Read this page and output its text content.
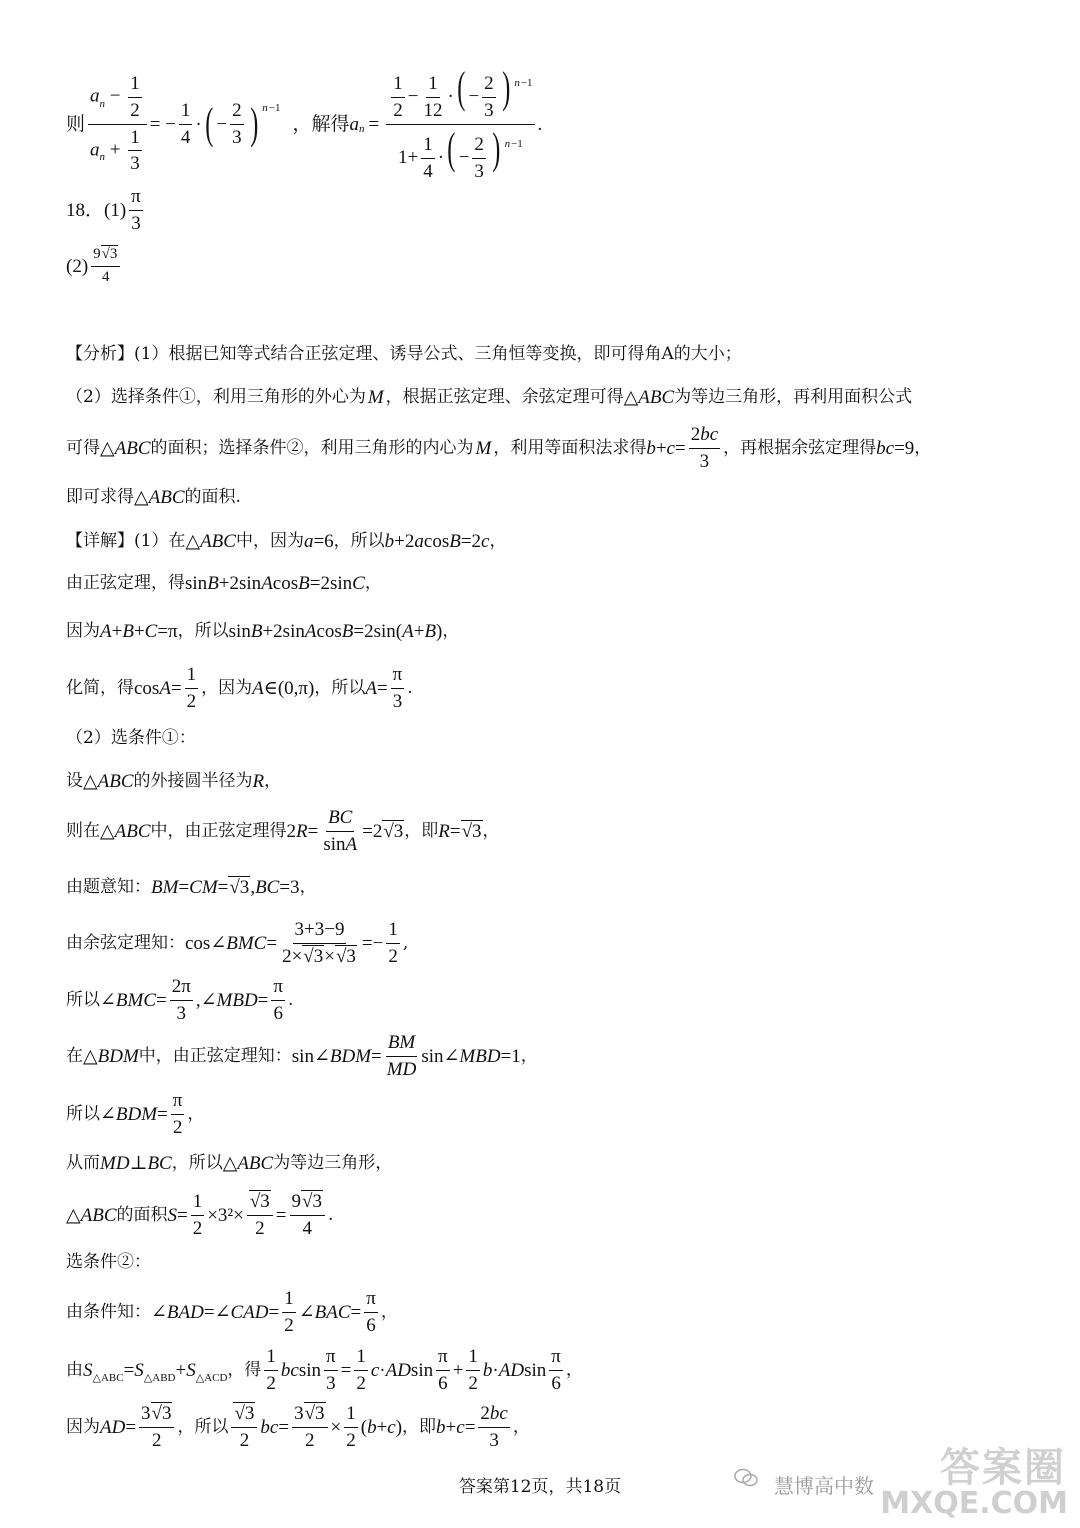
则 $\frac{a_n - \frac{1}{2}}{a_n + \frac{1}{3}}$ = − $\frac{1}{4}$ · ( − $\frac{2}{3}$ ) n −1
，解得 a $n = \frac{\frac{1}{2} - \frac{1}{12} \cdot( - \frac{2}{3} ) ^{n-1}}{1+ \frac{1}{4} \cdot( - \frac{2}{3} ) ^{n-1}}$ .
18．$(1) \frac{\pi}{3}$
$(2) \frac{9√3}{4}$
【分析】(1）根据已知等式结合正弦定理、诱导公式、三角恒等变换，即可得角A的大小；
（2）选择条件①，利用三角形的外心为 M ，根据正弦定理、余弦定理可得 △ABC 为等边三角形，再利用面积公式
可得 △ABC 的面积；选择条件②，利用三角形的内心为 M ，利用等面积法求得 $b+c= \frac{2bc}{3}$ ，再根据余弦定理得 bc=9 ，
即可求得 △ABC 的面积.
【详解】(1）在 △ABC 中，因为 a=6 ，所以 b+2acosB=2c ，
由正弦定理，得 sinB+2sinAcosB=2sinC ，
因为 A+B+C=π ，所以 sinB+2sinAcosB=2sin(A+B) ，
化简，得 $\cos A= \frac{1}{2}$ ，因为 A∈(0,π) ，所以 $A= \frac{\pi}{3}$ .
（2）选条件①：
设 △ABC 的外接圆半径为 R ，
则在 △ABC 中，由正弦定理得 $2R= \frac{BC}{\sin A} =2√3$ ，即 R=√3 ，
由题意知： BM=CM=√3,BC=3 ，
由余弦定理知： cos∠BMC= $\frac{3+3-9}{2\times√3\times√3} =- \frac{1}{2}$ ,
所以 ∠BMC= $\frac{2\pi}{3}$ ,∠MBD= $\frac{\pi}{6}$ .
在 △BDM 中，由正弦定理知： sin∠BDM= $\frac{BM}{MD}$ sin∠MBD=1 ，
所以 ∠BDM= $\frac{\pi}{2}$ ，
从而 MD⊥BC ，所以 △ABC 为等边三角形，
△ABC 的面积 $S= \frac{1}{2} \times 3^2\times \frac{√3}{2} = \frac{9√3}{4}$ .
选条件②：
由条件知： ∠BAD=∠CAD= $\frac{1}{2}$ ∠BAC= $\frac{\pi}{6}$ ，
由 $S_{\triangle ABC}=S_{\triangle ABD}+S_{\triangle ACD}$ ，得 $\frac{1}{2}$ bcsin $\frac{\pi}{3} = \frac{1}{2} c\cdot ADsin \frac{\pi}{6} + \frac{1}{2} b\cdot ADsin \frac{\pi}{6}$ ，
因为 $AD= \frac{3√3}{2}$ ，所以 $\frac{√3}{2}$ bc = $\frac{3√3}{2} \times \frac{1}{2} (b+c)$ ，即 $b+c= \frac{2bc}{3}$ ，
答案第12页，共18页	慧博高中数 答案圈
MXQE.COM
